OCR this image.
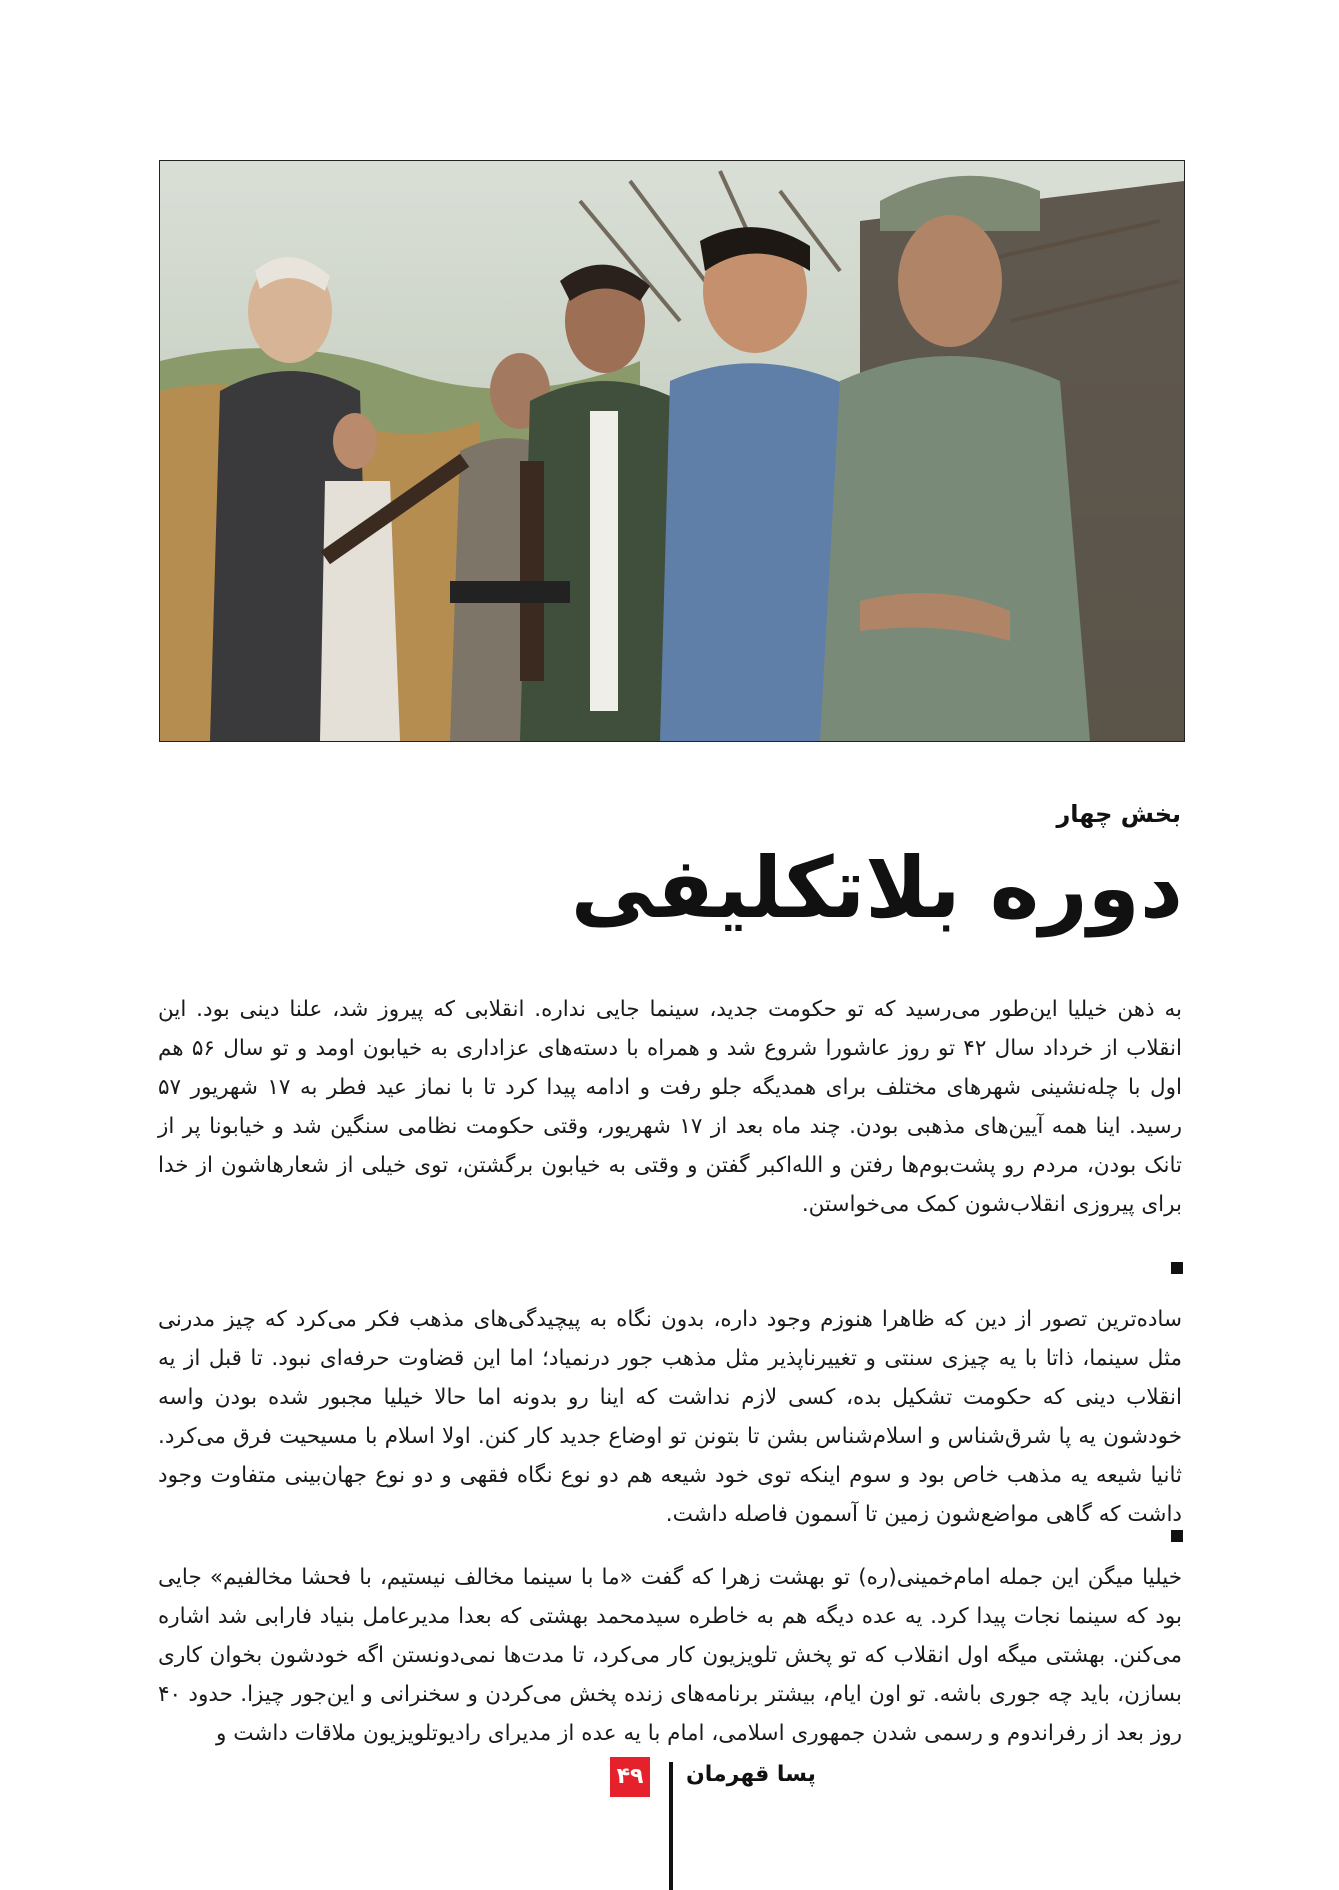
بخش چهار
دوره بلاتکلیفی

به ذهن خیلیا این‌طور می‌رسید که تو حکومت جدید، سینما جایی نداره. انقلابی که پیروز شد، علنا دینی بود. این انقلاب از خرداد سال ۴۲ تو روز عاشورا شروع شد و همراه با دسته‌های عزاداری به خیابون اومد و تو سال ۵۶ هم اول با چله‌نشینی شهرهای مختلف برای همدیگه جلو رفت و ادامه پیدا کرد تا با نماز عید فطر به ۱۷ شهریور ۵۷ رسید. اینا همه آیین‌های مذهبی بودن. چند ماه بعد از ۱۷ شهریور، وقتی حکومت نظامی سنگین شد و خیابونا پر از تانک بودن، مردم رو پشت‌بوم‌ها رفتن و الله‌اکبر گفتن و وقتی به خیابون برگشتن، توی خیلی از شعارهاشون از خدا برای پیروزی انقلاب‌شون کمک می‌خواستن.

ساده‌ترین تصور از دین که ظاهرا هنوزم وجود داره، بدون نگاه به پیچیدگی‌های مذهب فکر می‌کرد که چیز مدرنی مثل سینما، ذاتا با یه چیزی سنتی و تغییرناپذیر مثل مذهب جور درنمیاد؛ اما این قضاوت حرفه‌ای نبود. تا قبل از یه انقلاب دینی که حکومت تشکیل بده، کسی لازم نداشت که اینا رو بدونه اما حالا خیلیا مجبور شده بودن واسه خودشون یه پا شرق‌شناس و اسلام‌شناس بشن تا بتونن تو اوضاع جدید کار کنن. اولا اسلام با مسیحیت فرق می‌کرد. ثانیا شیعه یه مذهب خاص بود و سوم اینکه توی خود شیعه هم دو نوع نگاه فقهی و دو نوع جهان‌بینی متفاوت وجود داشت که گاهی مواضع‌شون زمین تا آسمون فاصله داشت.

خیلیا میگن این جمله امام‌خمینی(ره) تو بهشت زهرا که گفت «ما با سینما مخالف نیستیم، با فحشا مخالفیم» جایی بود که سینما نجات پیدا کرد. یه عده دیگه هم به خاطره سیدمحمد بهشتی که بعدا مدیرعامل بنیاد فارابی شد اشاره می‌کنن. بهشتی میگه اول انقلاب که تو پخش تلویزیون کار می‌کرد، تا مدت‌ها نمی‌دونستن اگه خودشون بخوان کاری بسازن، باید چه جوری باشه. تو اون ایام، بیشتر برنامه‌های زنده پخش می‌کردن و سخنرانی و این‌جور چیزا. حدود ۴۰ روز بعد از رفراندوم و رسمی شدن جمهوری اسلامی، امام با یه عده از مدیرای رادیوتلویزیون ملاقات داشت و

۴۹ پسا قهرمان
